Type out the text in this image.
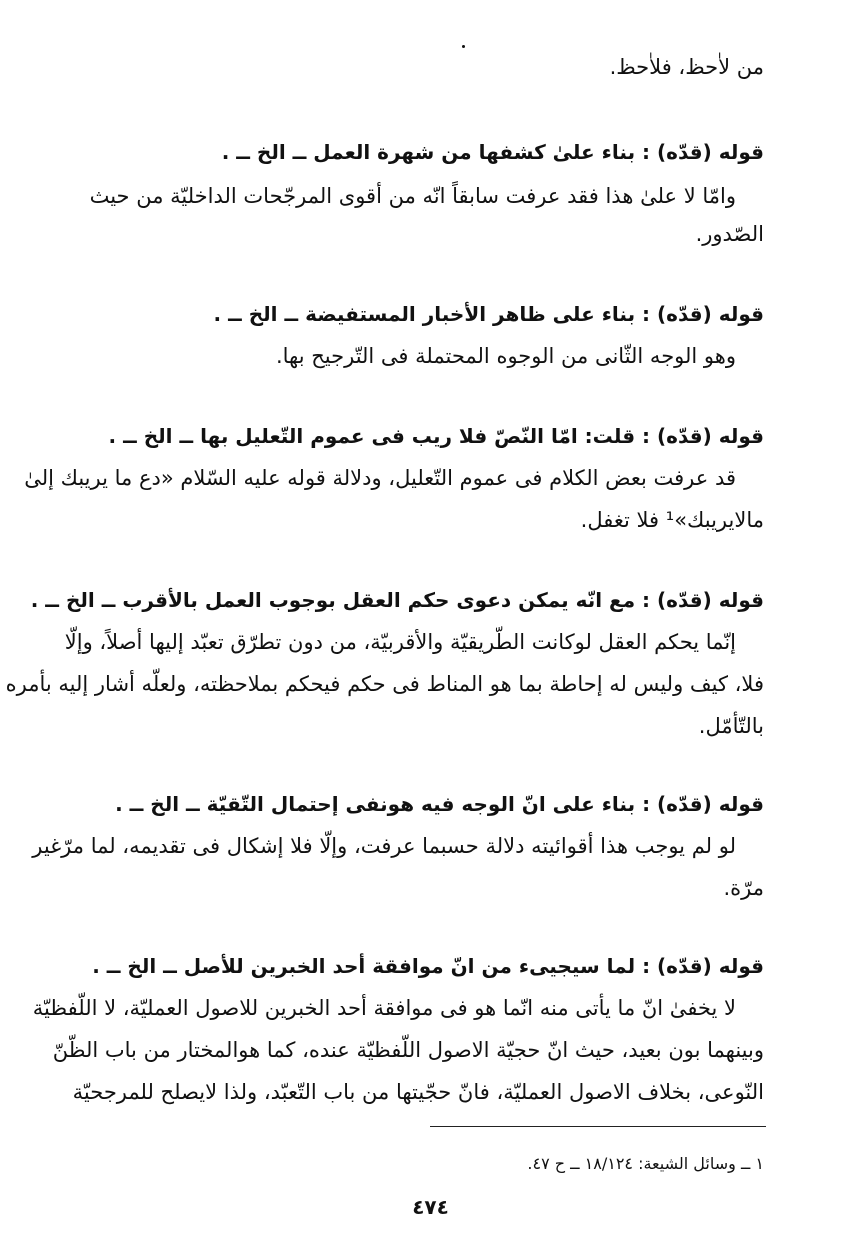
من لاٰحظ، فلاٰحظ.
قوله (قدّه) : بناء علىٰ كشفها من شهرة العمل ــ الخ ــ .
وامّا لا علىٰ هذا فقد عرفت سابقاً انّه من أقوى المرجّحات الداخليّة من حيث
الصّدور.
قوله (قدّه) : بناء على ظاهر الأخبار المستفيضة ــ الخ ــ .
وهو الوجه الثّانى من الوجوه المحتملة فى التّرجيح بها.
قوله (قدّه) : قلت: امّا النّصّ فلا ريب فى عموم التّعليل بها ــ الخ ــ .
قد عرفت بعض الكلام فى عموم التّعليل، ودلالة قوله عليه السّلام «دع ما يريبك إلىٰ
مالايريبك»¹ فلا تغفل.
قوله (قدّه) : مع انّه يمكن دعوى حكم العقل بوجوب العمل بالأقرب ــ الخ ــ .
إنّما يحكم العقل لوكانت الطّريقيّة والأقربيّة، من دون تطرّق تعبّد إليها أصلاً، وإلّا
فلا، كيف وليس له إحاطة بما هو المناط فى حكم فيحكم بملاحظته، ولعلّه أشار إليه بأمره
بالتّأمّل.
قوله (قدّه) : بناء على انّ الوجه فيه هونفى إحتمال التّقيّة ــ الخ ــ .
لو لم يوجب هذا أقوائيته دلالة حسبما عرفت، وإلّا فلا إشكال فى تقديمه، لما مرّغير
مرّة.
قوله (قدّه) : لما سيجيىء من انّ موافقة أحد الخبرين للأصل ــ الخ ــ .
لا يخفىٰ انّ ما يأتى منه انّما هو فى موافقة أحد الخبرين للاصول العمليّة، لا اللّفظيّة
وبينهما بون بعيد، حيث انّ حجيّة الاصول اللّفظيّة عنده، كما هوالمختار من باب الظّنّ
النّوعى، بخلاف الاصول العمليّة، فانّ حجّيتها من باب التّعبّد، ولذا لايصلح للمرجحيّة
١ ــ وسائل الشيعة: ١٨/١٢٤ ــ ح ٤٧.
٤٧٤
